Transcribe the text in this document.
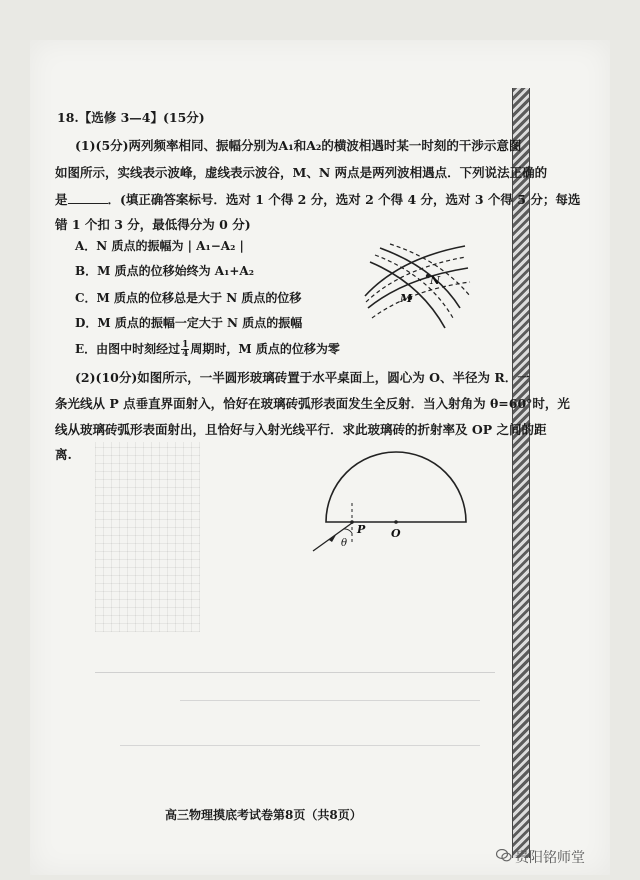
18.【选修 3—4】(15分)
(1)(5分)两列频率相同、振幅分别为A₁和A₂的横波相遇时某一时刻的干涉示意图
如图所示，实线表示波峰，虚线表示波谷，M、N 两点是两列波相遇点．下列说法正确的
是	．(填正确答案标号．选对 1 个得 2 分，选对 2 个得 4 分，选对 3 个得 5 分；每选
错 1 个扣 3 分，最低得分为 0 分)
A．N 质点的振幅为 | A₁−A₂ |
B．M 质点的位移始终为 A₁+A₂
C．M 质点的位移总是大于 N 质点的位移
D．M 质点的振幅一定大于 N 质点的振幅
E．由图中时刻经过 $\frac{1}{4}$ 周期时，M 质点的位移为零
M
N
(2)(10分)如图所示，一半圆形玻璃砖置于水平桌面上，圆心为 O、半径为 R．一
条光线从 P 点垂直界面射入，恰好在玻璃砖弧形表面发生全反射．当入射角为 θ=60°时，光
线从玻璃砖弧形表面射出，且恰好与入射光线平行．求此玻璃砖的折射率及 OP 之间的距
离.
P O
θ
高三物理摸底考试卷第8页（共8页）
贵阳铭师堂
